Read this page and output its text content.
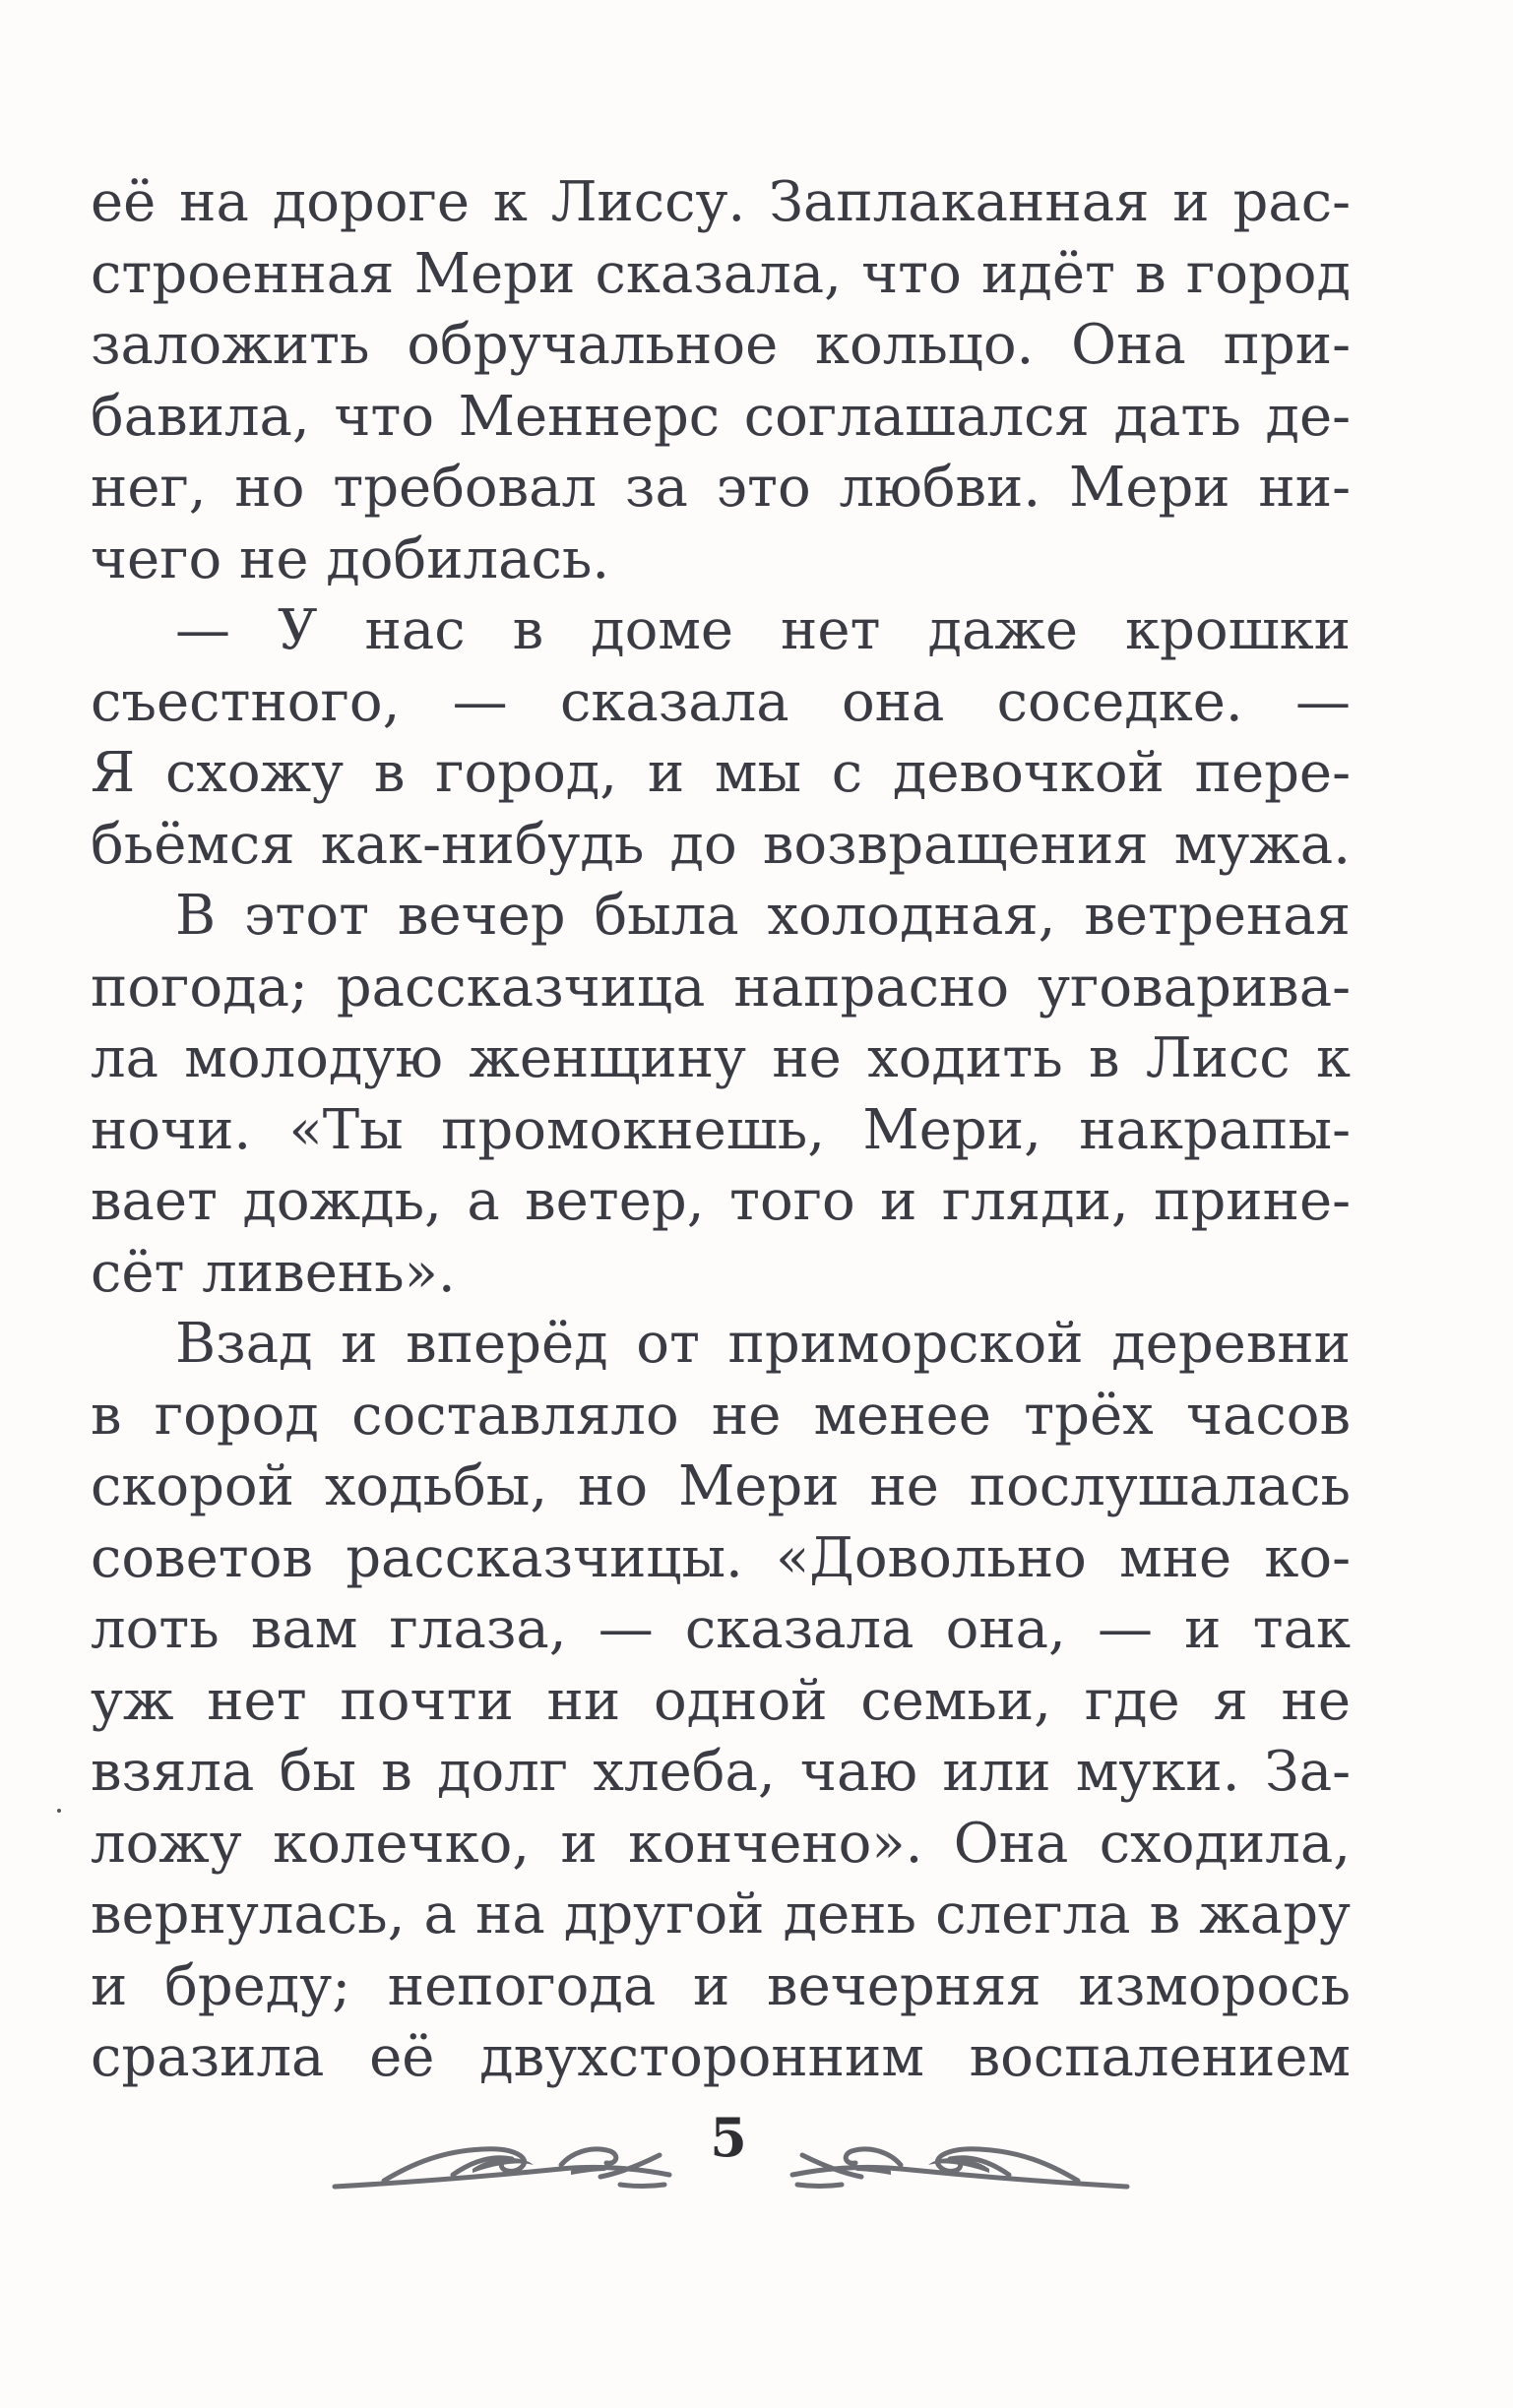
её на дороге к Лиссу. Заплаканная и рас-
строенная Мери сказала, что идёт в город
заложить обручальное кольцо. Она при-
бавила, что Меннерс соглашался дать де-
нег, но требовал за это любви. Мери ни-
чего не добилась.
— У нас в доме нет даже крошки
съестного, — сказала она соседке. —
Я схожу в город, и мы с девочкой пере-
бьёмся как-нибудь до возвращения мужа.
В этот вечер была холодная, ветреная
погода; рассказчица напрасно уговарива-
ла молодую женщину не ходить в Лисс к
ночи. «Ты промокнешь, Мери, накрапы-
вает дождь, а ветер, того и гляди, прине-
сёт ливень».
Взад и вперёд от приморской деревни
в город составляло не менее трёх часов
скорой ходьбы, но Мери не послушалась
советов рассказчицы. «Довольно мне ко-
лоть вам глаза, — сказала она, — и так
уж нет почти ни одной семьи, где я не
взяла бы в долг хлеба, чаю или муки. За-
ложу колечко, и кончено». Она сходила,
вернулась, а на другой день слегла в жару
и бреду; непогода и вечерняя изморось
сразила её двухсторонним воспалением
5
